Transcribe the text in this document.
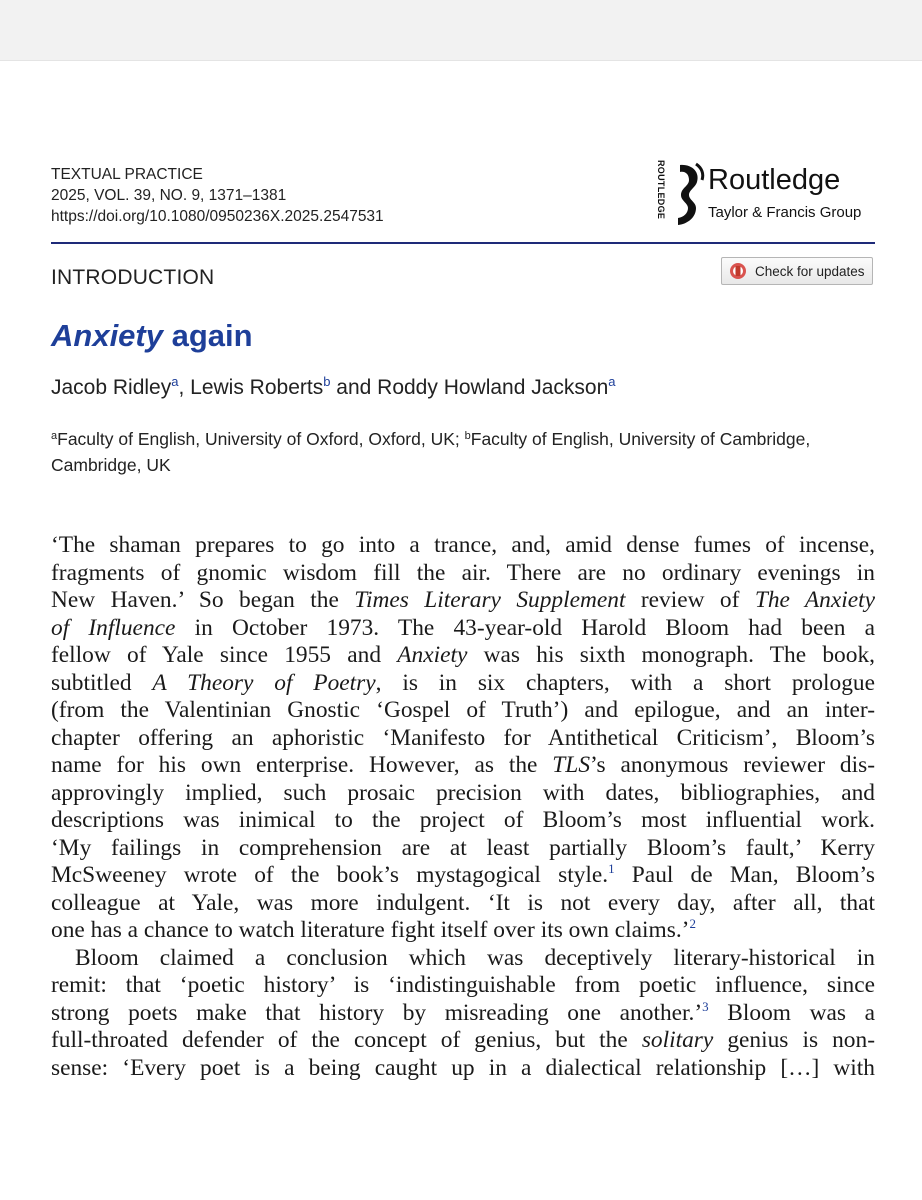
TEXTUAL PRACTICE
2025, VOL. 39, NO. 9, 1371–1381
https://doi.org/10.1080/0950236X.2025.2547531	ROUTLEDGE Routledge
Taylor & Francis Group
INTRODUCTION	Check for updates
Anxiety again
Jacob Ridley$^a$, Lewis Roberts$^b$ and Roddy Howland Jackson$^a$
$^a$Faculty of English, University of Oxford, Oxford, UK; $^b$Faculty of English, University of Cambridge, Cambridge, UK
‘The shaman prepares to go into a trance, and, amid dense fumes of incense,
fragments of gnomic wisdom fill the air. There are no ordinary evenings in
New Haven.’ So began the Times Literary Supplement review of The Anxiety
of Influence in October 1973. The 43-year-old Harold Bloom had been a
fellow of Yale since 1955 and Anxiety was his sixth monograph. The book,
subtitled A Theory of Poetry, is in six chapters, with a short prologue
(from the Valentinian Gnostic ‘Gospel of Truth’) and epilogue, and an inter-
chapter offering an aphoristic ‘Manifesto for Antithetical Criticism’, Bloom’s
name for his own enterprise. However, as the TLS’s anonymous reviewer dis-
approvingly implied, such prosaic precision with dates, bibliographies, and
descriptions was inimical to the project of Bloom’s most influential work.
‘My failings in comprehension are at least partially Bloom’s fault,’ Kerry
McSweeney wrote of the book’s mystagogical style.$^1$ Paul de Man, Bloom’s
colleague at Yale, was more indulgent. ‘It is not every day, after all, that
one has a chance to watch literature fight itself over its own claims.’$^2$
Bloom claimed a conclusion which was deceptively literary-historical in
remit: that ‘poetic history’ is ‘indistinguishable from poetic influence, since
strong poets make that history by misreading one another.’$^3$ Bloom was a
full-throated defender of the concept of genius, but the solitary genius is non-
sense: ‘Every poet is a being caught up in a dialectical relationship […] with
